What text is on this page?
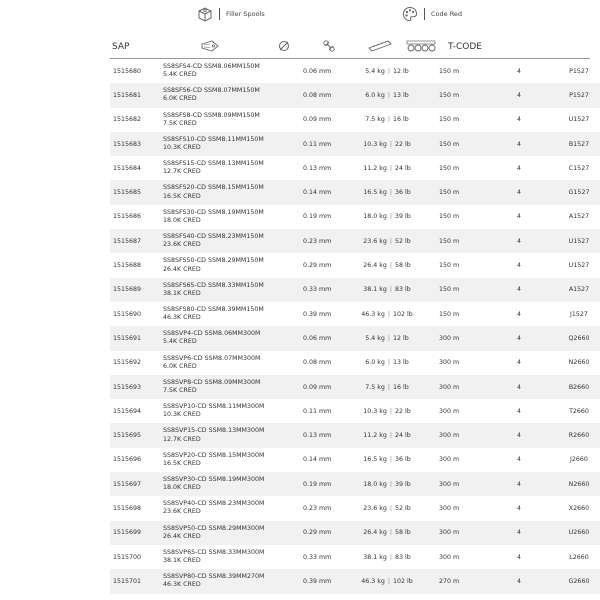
Filler Spools	Code Red
SAP	T-CODE
1515680	SS8SFS4-CD SSM8.06MM150M
5.4K CRED	0.06 mm	5.4 kg | 12 lb	150 m	4	P1527
1515681	SS8SFS6-CD SSM8.07MM150M
6.0K CRED	0.08 mm	6.0 kg | 13 lb	150 m	4	P1527
1515682	SS8SFS8-CD SSM8.09MM150M
7.5K CRED	0.09 mm	7.5 kg | 16 lb	150 m	4	U1527
1515683	SS8SFS10-CD SSM8.11MM150M
10.3K CRED	0.11 mm	10.3 kg | 22 lb	150 m	4	B1527
1515684	SS8SFS15-CD SSM8.13MM150M
12.7K CRED	0.13 mm	11.2 kg | 24 lb	150 m	4	C1527
1515685	SS8SFS20-CD SSM8.15MM150M
16.5K CRED	0.14 mm	16.5 kg | 36 lb	150 m	4	G1527
1515686	SS8SFS30-CD SSM8.19MM150M
18.0K CRED	0.19 mm	18.0 kg | 39 lb	150 m	4	A1527
1515687	SS8SFS40-CD SSM8.23MM150M
23.6K CRED	0.23 mm	23.6 kg | 52 lb	150 m	4	U1527
1515688	SS8SFS50-CD SSM8.29MM150M
26.4K CRED	0.29 mm	26.4 kg | 58 lb	150 m	4	U1527
1515689	SS8SFS65-CD SSM8.33MM150M
38.1K CRED	0.33 mm	38.1 kg | 83 lb	150 m	4	A1527
1515690	SS8SFS80-CD SSM8.39MM150M
46.3K CRED	0.39 mm	46.3 kg | 102 lb	150 m	4	J1527
1515691	SS8SVP4-CD SSM8.06MM300M
5.4K CRED	0.06 mm	5.4 kg | 12 lb	300 m	4	Q2660
1515692	SS8SVP6-CD SSM8.07MM300M
6.0K CRED	0.08 mm	6.0 kg | 13 lb	300 m	4	N2660
1515693	SS8SVP8-CD SSM8.09MM300M
7.5K CRED	0.09 mm	7.5 kg | 16 lb	300 m	4	B2660
1515694	SS8SVP10-CD SSM8.11MM300M
10.3K CRED	0.11 mm	10.3 kg | 22 lb	300 m	4	T2660
1515695	SS8SVP15-CD SSM8.13MM300M
12.7K CRED	0.13 mm	11.2 kg | 24 lb	300 m	4	R2660
1515696	SS8SVP20-CD SSM8.15MM300M
16.5K CRED	0.14 mm	16.5 kg | 36 lb	300 m	4	J2660
1515697	SS8SVP30-CD SSM8.19MM300M
18.0K CRED	0.19 mm	18.0 kg | 39 lb	300 m	4	N2660
1515698	SS8SVP40-CD SSM8.23MM300M
23.6K CRED	0.23 mm	23.6 kg | 52 lb	300 m	4	X2660
1515699	SS8SVP50-CD SSM8.29MM300M
26.4K CRED	0.29 mm	26.4 kg | 58 lb	300 m	4	U2660
1515700	SS8SVP65-CD SSM8.33MM300M
38.1K CRED	0.33 mm	38.1 kg | 83 lb	300 m	4	L2660
1515701	SS8SVP80-CD SSM8.39MM270M
46.3K CRED	0.39 mm	46.3 kg | 102 lb	270 m	4	G2660
